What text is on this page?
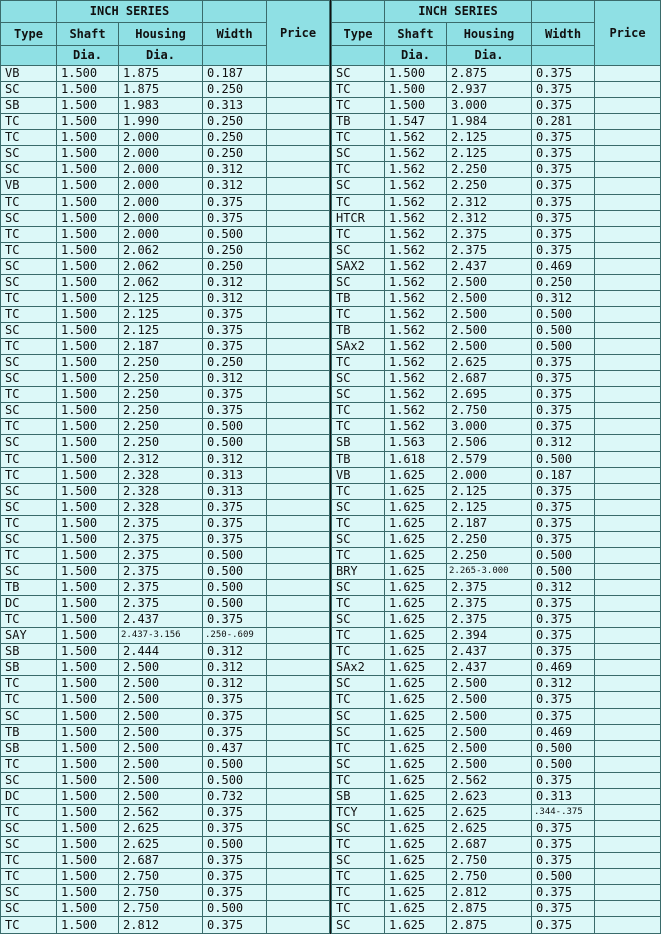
	INCH SERIES			Price
Type	Shaft	Housing	Width	
	Dia.	Dia.		
VB	1.500	1.875	0.187	
SC	1.500	1.875	0.250	
SB	1.500	1.983	0.313	
TC	1.500	1.990	0.250	
TC	1.500	2.000	0.250	
SC	1.500	2.000	0.250	
SC	1.500	2.000	0.312	
VB	1.500	2.000	0.312	
TC	1.500	2.000	0.375	
SC	1.500	2.000	0.375	
TC	1.500	2.000	0.500	
TC	1.500	2.062	0.250	
SC	1.500	2.062	0.250	
SC	1.500	2.062	0.312	
TC	1.500	2.125	0.312	
TC	1.500	2.125	0.375	
SC	1.500	2.125	0.375	
TC	1.500	2.187	0.375	
SC	1.500	2.250	0.250	
SC	1.500	2.250	0.312	
TC	1.500	2.250	0.375	
SC	1.500	2.250	0.375	
TC	1.500	2.250	0.500	
SC	1.500	2.250	0.500	
TC	1.500	2.312	0.312	
TC	1.500	2.328	0.313	
SC	1.500	2.328	0.313	
SC	1.500	2.328	0.375	
TC	1.500	2.375	0.375	
SC	1.500	2.375	0.375	
TC	1.500	2.375	0.500	
SC	1.500	2.375	0.500	
TB	1.500	2.375	0.500	
DC	1.500	2.375	0.500	
TC	1.500	2.437	0.375	
SAY	1.500	2.437-3.156	.250-.609	
SB	1.500	2.444	0.312	
SB	1.500	2.500	0.312	
TC	1.500	2.500	0.312	
TC	1.500	2.500	0.375	
SC	1.500	2.500	0.375	
TB	1.500	2.500	0.375	
SB	1.500	2.500	0.437	
TC	1.500	2.500	0.500	
SC	1.500	2.500	0.500	
DC	1.500	2.500	0.732	
TC	1.500	2.562	0.375	
SC	1.500	2.625	0.375	
SC	1.500	2.625	0.500	
TC	1.500	2.687	0.375	
TC	1.500	2.750	0.375	
SC	1.500	2.750	0.375	
SC	1.500	2.750	0.500	
TC	1.500	2.812	0.375	
	INCH SERIES			Price
Type	Shaft	Housing	Width	
	Dia.	Dia.		
SC	1.500	2.875	0.375	
TC	1.500	2.937	0.375	
TC	1.500	3.000	0.375	
TB	1.547	1.984	0.281	
TC	1.562	2.125	0.375	
SC	1.562	2.125	0.375	
TC	1.562	2.250	0.375	
SC	1.562	2.250	0.375	
TC	1.562	2.312	0.375	
HTCR	1.562	2.312	0.375	
TC	1.562	2.375	0.375	
SC	1.562	2.375	0.375	
SAX2	1.562	2.437	0.469	
SC	1.562	2.500	0.250	
TB	1.562	2.500	0.312	
TC	1.562	2.500	0.500	
TB	1.562	2.500	0.500	
SAx2	1.562	2.500	0.500	
TC	1.562	2.625	0.375	
SC	1.562	2.687	0.375	
SC	1.562	2.695	0.375	
TC	1.562	2.750	0.375	
TC	1.562	3.000	0.375	
SB	1.563	2.506	0.312	
TB	1.618	2.579	0.500	
VB	1.625	2.000	0.187	
TC	1.625	2.125	0.375	
SC	1.625	2.125	0.375	
TC	1.625	2.187	0.375	
SC	1.625	2.250	0.375	
TC	1.625	2.250	0.500	
BRY	1.625	2.265-3.000	0.500	
SC	1.625	2.375	0.312	
TC	1.625	2.375	0.375	
SC	1.625	2.375	0.375	
TC	1.625	2.394	0.375	
TC	1.625	2.437	0.375	
SAx2	1.625	2.437	0.469	
SC	1.625	2.500	0.312	
TC	1.625	2.500	0.375	
SC	1.625	2.500	0.375	
SC	1.625	2.500	0.469	
TC	1.625	2.500	0.500	
SC	1.625	2.500	0.500	
TC	1.625	2.562	0.375	
SB	1.625	2.623	0.313	
TCY	1.625	2.625	.344-.375	
SC	1.625	2.625	0.375	
TC	1.625	2.687	0.375	
SC	1.625	2.750	0.375	
TC	1.625	2.750	0.500	
TC	1.625	2.812	0.375	
TC	1.625	2.875	0.375	
SC	1.625	2.875	0.375	
